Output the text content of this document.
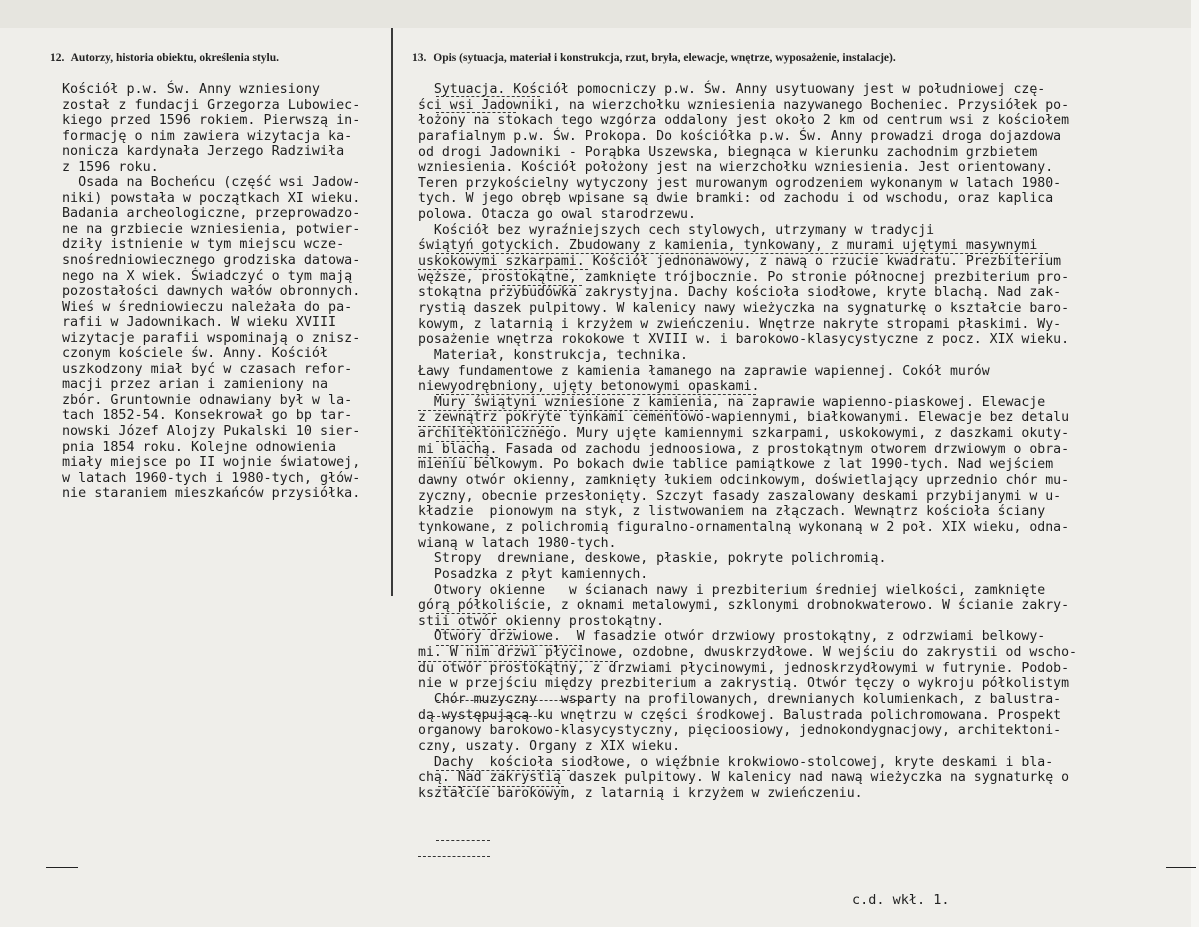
12. Autorzy, historia obiektu, określenia stylu.	13. Opis (sytuacja, materiał i konstrukcja, rzut, bryła, elewacje, wnętrze, wyposażenie, instalacje).
Kościół p.w. Św. Anny wzniesiony
został z fundacji Grzegorza Lubowiec-
kiego przed 1596 rokiem. Pierwszą in-
formację o nim zawiera wizytacja ka-
nonicza kardynała Jerzego Radziwiła
z 1596 roku.
Osada na Bocheńcu (część wsi Jadow-
niki) powstała w początkach XI wieku.
Badania archeologiczne, przeprowadzo-
ne na grzbiecie wzniesienia, potwier-
dziły istnienie w tym miejscu wcze-
snośredniowiecznego grodziska datowa-
nego na X wiek. Świadczyć o tym mają
pozostałości dawnych wałów obronnych.
Wieś w średniowieczu należała do pa-
rafii w Jadownikach. W wieku XVIII
wizytacje parafii wspominają o znisz-
czonym kościele św. Anny. Kościół
uszkodzony miał być w czasach refor-
macji przez arian i zamieniony na
zbór. Gruntownie odnawiany był w la-
tach 1852-54. Konsekrował go bp tar-
nowski Józef Alojzy Pukalski 10 sier-
pnia 1854 roku. Kolejne odnowienia
miały miejsce po II wojnie światowej,
w latach 1960-tych i 1980-tych, głów-
nie staraniem mieszkańców przysiółka.
Sytuacja. Kościół pomocniczy p.w. Św. Anny usytuowany jest w południowej czę-
ści wsi Jadowniki, na wierzchołku wzniesienia nazywanego Bocheniec. Przysiółek po-
łożony na stokach tego wzgórza oddalony jest około 2 km od centrum wsi z kościołem
parafialnym p.w. Św. Prokopa. Do kościółka p.w. Św. Anny prowadzi droga dojazdowa
od drogi Jadowniki - Porąbka Uszewska, biegnąca w kierunku zachodnim grzbietem
wzniesienia. Kościół położony jest na wierzchołku wzniesienia. Jest orientowany.
Teren przykościelny wytyczony jest murowanym ogrodzeniem wykonanym w latach 1980-
tych. W jego obręb wpisane są dwie bramki: od zachodu i od wschodu, oraz kaplica
polowa. Otacza go owal starodrzewu.
Kościół bez wyraźniejszych cech stylowych, utrzymany w tradycji
świątyń gotyckich. Zbudowany z kamienia, tynkowany, z murami ujętymi masywnymi
uskokowymi szkarpami. Kościół jednonawowy, z nawą o rzucie kwadratu. Prezbiterium
węższe, prostokątne, zamknięte trójbocznie. Po stronie północnej prezbiterium pro-
stokątna przybudówka zakrystyjna. Dachy kościoła siodłowe, kryte blachą. Nad zak-
rystią daszek pulpitowy. W kalenicy nawy wieżyczka na sygnaturkę o kształcie baro-
kowym, z latarnią i krzyżem w zwieńczeniu. Wnętrze nakryte stropami płaskimi. Wy-
posażenie wnętrza rokokowe t XVIII w. i barokowo-klasycystyczne z pocz. XIX wieku.
Materiał, konstrukcja, technika.
Ławy fundamentowe z kamienia łamanego na zaprawie wapiennej. Cokół murów
niewyodrębniony, ujęty betonowymi opaskami.
Mury świątyni wzniesione z kamienia, na zaprawie wapienno-piaskowej. Elewacje
z zewnątrz pokryte tynkami cementowo-wapiennymi, białkowanymi. Elewacje bez detalu
architektonicznego. Mury ujęte kamiennymi szkarpami, uskokowymi, z daszkami okuty-
mi blachą. Fasada od zachodu jednoosiowa, z prostokątnym otworem drzwiowym o obra-
mieniu belkowym. Po bokach dwie tablice pamiątkowe z lat 1990-tych. Nad wejściem
dawny otwór okienny, zamknięty łukiem odcinkowym, doświetlający uprzednio chór mu-
zyczny, obecnie przesłonięty. Szczyt fasady zaszalowany deskami przybijanymi w u-
kładzie  pionowym na styk, z listwowaniem na złączach. Wewnątrz kościoła ściany
tynkowane, z polichromią figuralno-ornamentalną wykonaną w 2 poł. XIX wieku, odna-
wianą w latach 1980-tych.
Stropy  drewniane, deskowe, płaskie, pokryte polichromią.
Posadzka z płyt kamiennych.
Otwory okienne   w ścianach nawy i prezbiterium średniej wielkości, zamknięte
górą półkoliście, z oknami metalowymi, szklonymi drobnokwaterowo. W ścianie zakry-
stii otwór okienny prostokątny.
Otwory drzwiowe.  W fasadzie otwór drzwiowy prostokątny, z odrzwiami belkowy-
mi. W nim drzwi płycinowe, ozdobne, dwuskrzydłowe. W wejściu do zakrystii od wscho-
du otwór prostokątny, z drzwiami płycinowymi, jednoskrzydłowymi w futrynie. Podob-
nie w przejściu między prezbiterium a zakrystią. Otwór tęczy o wykroju półkolistym
Chór muzyczny   wsparty na profilowanych, drewnianych kolumienkach, z balustra-
dą występującą ku wnętrzu w części środkowej. Balustrada polichromowana. Prospekt
organowy barokowo-klasycystyczny, pięcioosiowy, jednokondygnacjowy, architektoni-
czny, uszaty. Organy z XIX wieku.
Dachy  kościoła siodłowe, o więźbnie krokwiowo-stolcowej, kryte deskami i bla-
chą. Nad zakrystią daszek pulpitowy. W kalenicy nad nawą wieżyczka na sygnaturkę o
kształcie barokowym, z latarnią i krzyżem w zwieńczeniu.
c.d. wkł. 1.
